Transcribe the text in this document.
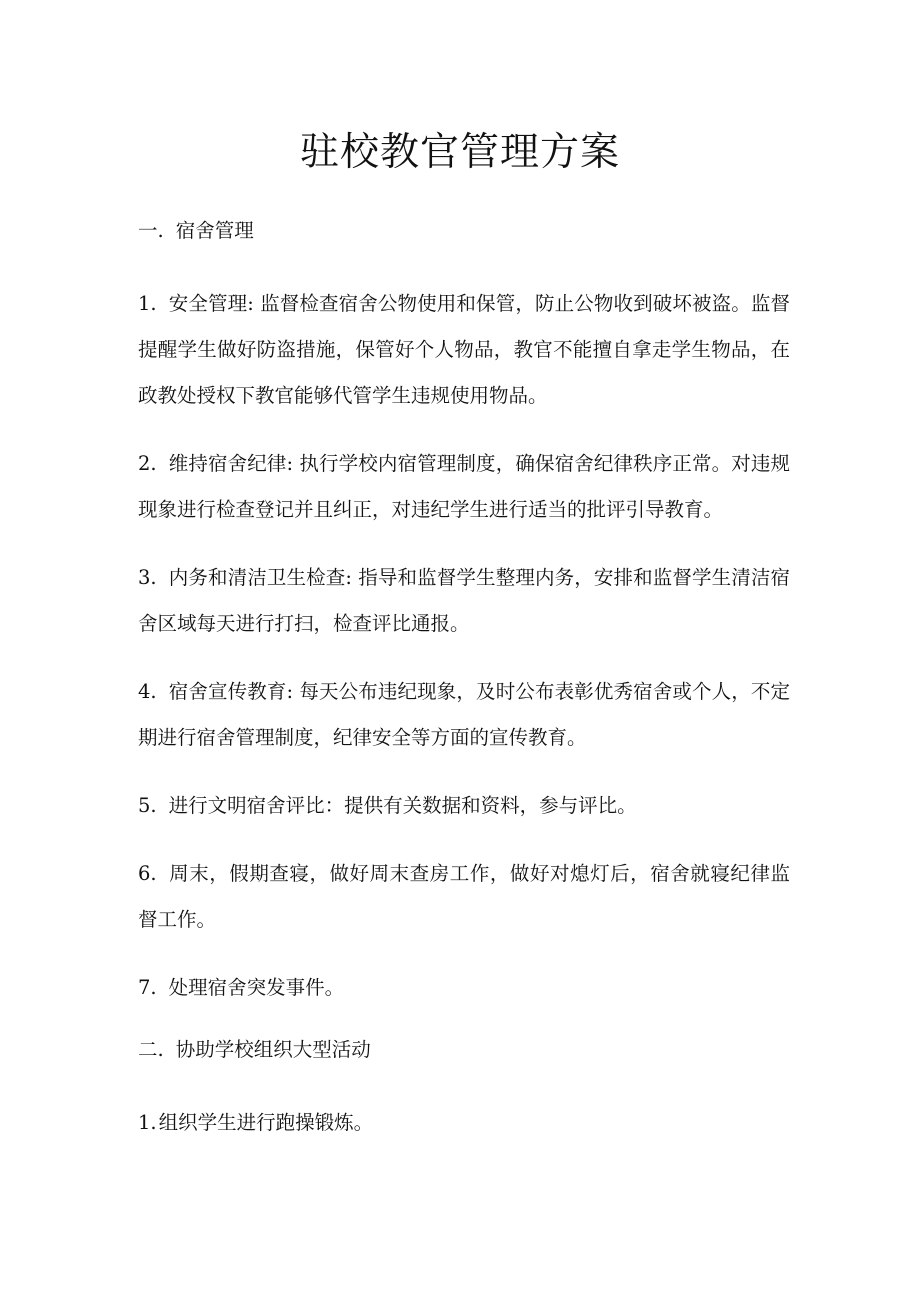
驻校教官管理方案
一. 宿舍管理

1. 安全管理: 监督检查宿舍公物使用和保管，防止公物收到破坏被盗。监督提醒学生做好防盗措施，保管好个人物品，教官不能擅自拿走学生物品，在政教处授权下教官能够代管学生违规使用物品。

2. 维持宿舍纪律: 执行学校内宿管理制度，确保宿舍纪律秩序正常。对违规现象进行检查登记并且纠正，对违纪学生进行适当的批评引导教育。

3. 内务和清洁卫生检查: 指导和监督学生整理内务，安排和监督学生清洁宿舍区域每天进行打扫，检查评比通报。

4. 宿舍宣传教育: 每天公布违纪现象，及时公布表彰优秀宿舍或个人，不定期进行宿舍管理制度，纪律安全等方面的宣传教育。

5. 进行文明宿舍评比：提供有关数据和资料，参与评比。

6. 周末，假期查寝，做好周末查房工作，做好对熄灯后，宿舍就寝纪律监督工作。

7. 处理宿舍突发事件。

二. 协助学校组织大型活动

1. 组织学生进行跑操锻炼。
